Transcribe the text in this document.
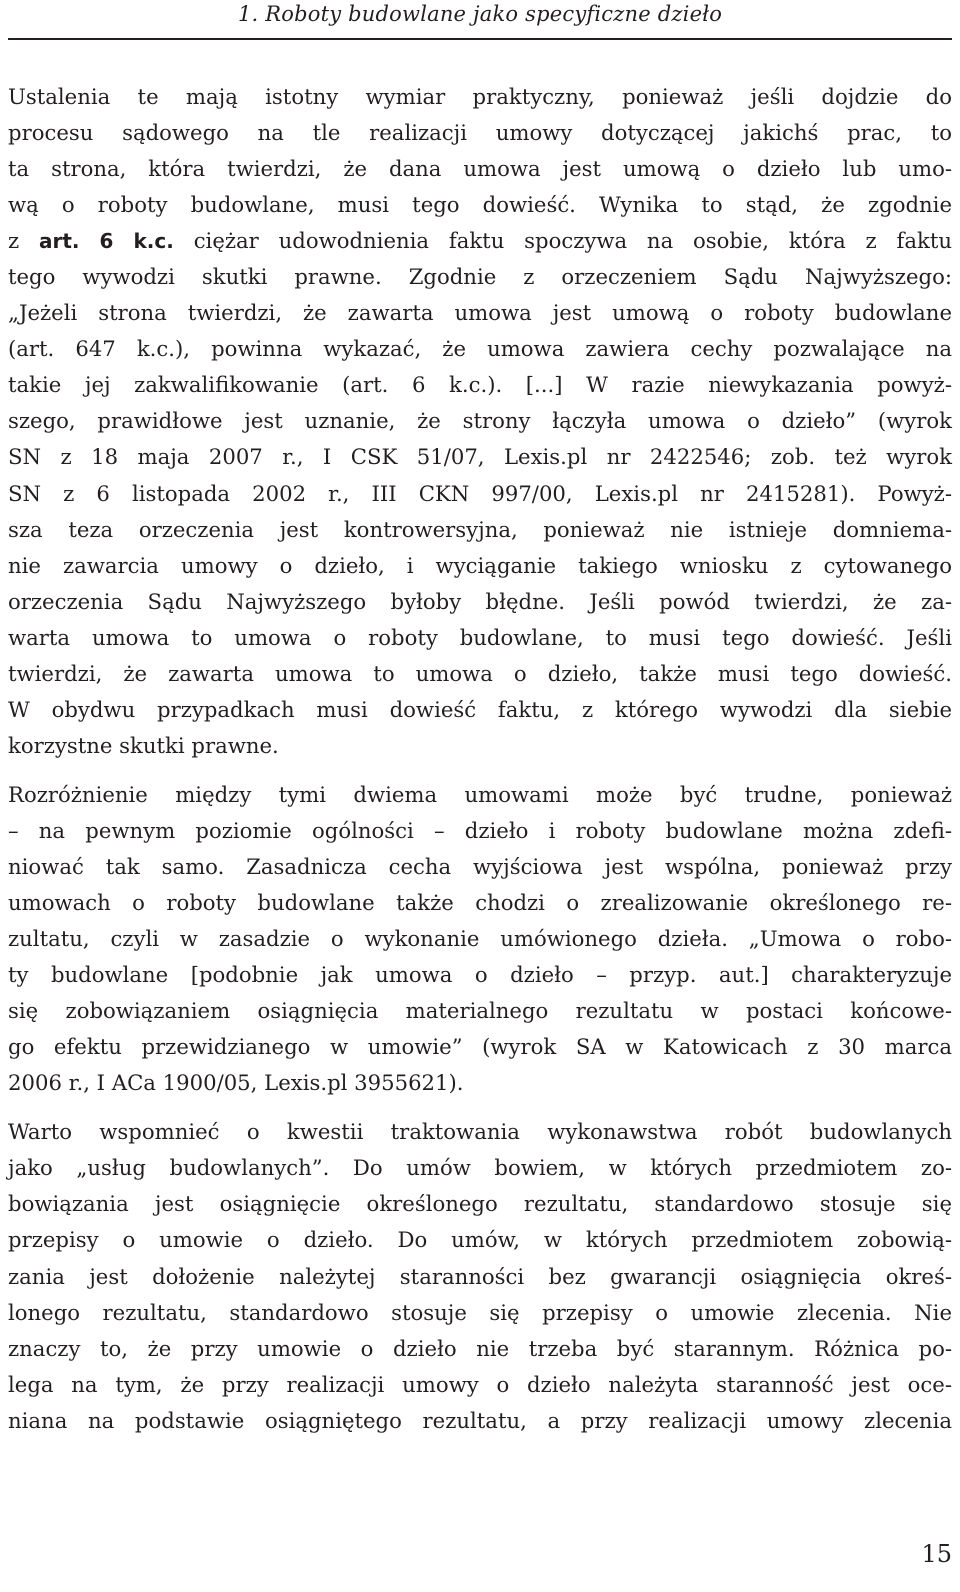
1. Roboty budowlane jako specyficzne dzieło
Ustalenia te mają istotny wymiar praktyczny, ponieważ jeśli dojdzie do
procesu sądowego na tle realizacji umowy dotyczącej jakichś prac, to
ta strona, która twierdzi, że dana umowa jest umową o dzieło lub umo-
wą o roboty budowlane, musi tego dowieść. Wynika to stąd, że zgodnie
z art. 6 k.c. ciężar udowodnienia faktu spoczywa na osobie, która z faktu
tego wywodzi skutki prawne. Zgodnie z orzeczeniem Sądu Najwyższego:
„Jeżeli strona twierdzi, że zawarta umowa jest umową o roboty budowlane
(art. 647 k.c.), powinna wykazać, że umowa zawiera cechy pozwalające na
takie jej zakwalifikowanie (art. 6 k.c.). [...] W razie niewykazania powyż-
szego, prawidłowe jest uznanie, że strony łączyła umowa o dzieło” (wyrok
SN z 18 maja 2007 r., I CSK 51/07, Lexis.pl nr 2422546; zob. też wyrok
SN z 6 listopada 2002 r., III CKN 997/00, Lexis.pl nr 2415281). Powyż-
sza teza orzeczenia jest kontrowersyjna, ponieważ nie istnieje domniema-
nie zawarcia umowy o dzieło, i wyciąganie takiego wniosku z cytowanego
orzeczenia Sądu Najwyższego byłoby błędne. Jeśli powód twierdzi, że za-
warta umowa to umowa o roboty budowlane, to musi tego dowieść. Jeśli
twierdzi, że zawarta umowa to umowa o dzieło, także musi tego dowieść.
W obydwu przypadkach musi dowieść faktu, z którego wywodzi dla siebie
korzystne skutki prawne.
Rozróżnienie między tymi dwiema umowami może być trudne, ponieważ
– na pewnym poziomie ogólności – dzieło i roboty budowlane można zdefi-
niować tak samo. Zasadnicza cecha wyjściowa jest wspólna, ponieważ przy
umowach o roboty budowlane także chodzi o zrealizowanie określonego re-
zultatu, czyli w zasadzie o wykonanie umówionego dzieła. „Umowa o robo-
ty budowlane [podobnie jak umowa o dzieło – przyp. aut.] charakteryzuje
się zobowiązaniem osiągnięcia materialnego rezultatu w postaci końcowe-
go efektu przewidzianego w umowie” (wyrok SA w Katowicach z 30 marca
2006 r., I ACa 1900/05, Lexis.pl 3955621).
Warto wspomnieć o kwestii traktowania wykonawstwa robót budowlanych
jako „usług budowlanych”. Do umów bowiem, w których przedmiotem zo-
bowiązania jest osiągnięcie określonego rezultatu, standardowo stosuje się
przepisy o umowie o dzieło. Do umów, w których przedmiotem zobowią-
zania jest dołożenie należytej staranności bez gwarancji osiągnięcia okreś-
lonego rezultatu, standardowo stosuje się przepisy o umowie zlecenia. Nie
znaczy to, że przy umowie o dzieło nie trzeba być starannym. Różnica po-
lega na tym, że przy realizacji umowy o dzieło należyta staranność jest oce-
niana na podstawie osiągniętego rezultatu, a przy realizacji umowy zlecenia
15
